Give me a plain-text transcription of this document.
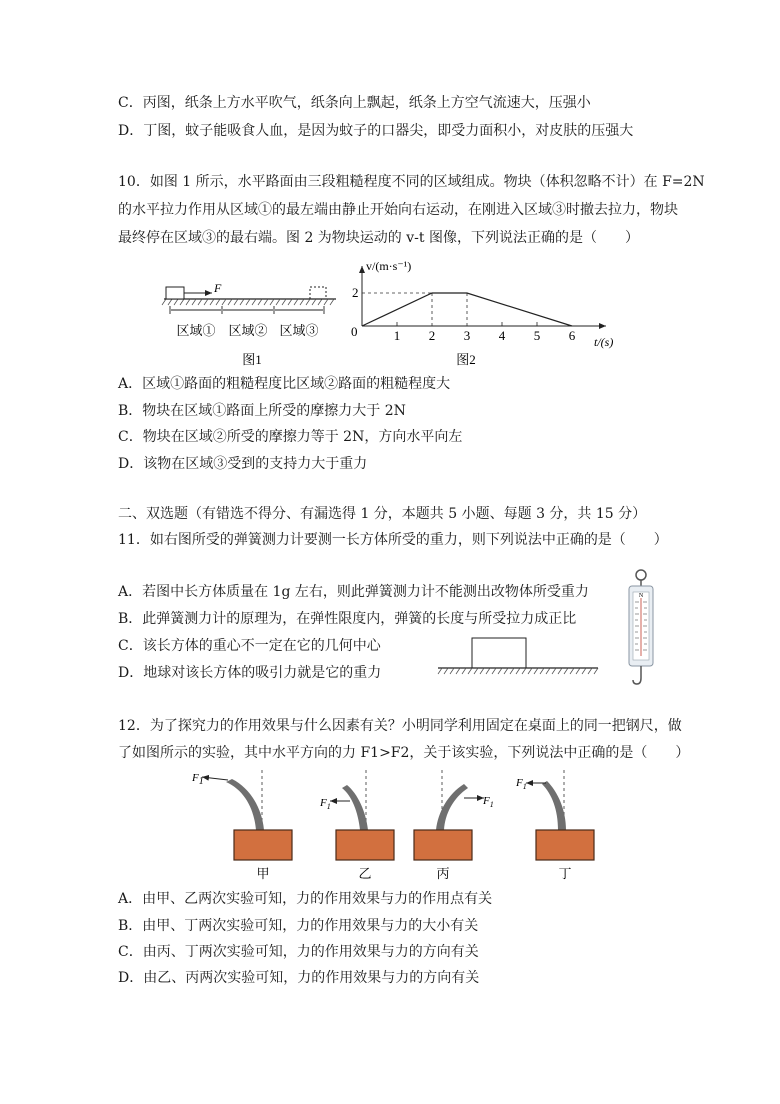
C．丙图，纸条上方水平吹气，纸条向上飘起，纸条上方空气流速大，压强小
D．丁图，蚊子能吸食人血，是因为蚊子的口器尖，即受力面积小，对皮肤的压强大
10．如图 1 所示，水平路面由三段粗糙程度不同的区域组成。物块（体积忽略不计）在 F=2N
的水平拉力作用从区域①的最左端由静止开始向右运动，在刚进入区域③时撤去拉力，物块
最终停在区域③的最右端。图 2 为物块运动的 v-t 图像，下列说法正确的是（　　）
F
区域① 区域② 区域③
图1
v/(m·s⁻¹)
2
0	1 2 3 4 5 6 t/(s)
图2
A．区域①路面的粗糙程度比区域②路面的粗糙程度大
B．物块在区域①路面上所受的摩擦力大于 2N
C．物块在区域②所受的摩擦力等于 2N，方向水平向左
D．该物在区域③受到的支持力大于重力
二、双选题（有错选不得分、有漏选得 1 分，本题共 5 小题、每题 3 分，共 15 分）
11．如右图所受的弹簧测力计要测一长方体所受的重力，则下列说法中正确的是（　　）
A．若图中长方体质量在 1g 左右，则此弹簧测力计不能测出改物体所受重力
B．此弹簧测力计的原理为，在弹性限度内，弹簧的长度与所受拉力成正比
C．该长方体的重心不一定在它的几何中心
D．地球对该长方体的吸引力就是它的重力
N
12．为了探究力的作用效果与什么因素有关？小明同学利用固定在桌面上的同一把钢尺，做
了如图所示的实验，其中水平方向的力 F1>F2，关于该实验，下列说法中正确的是（　　）
F1
甲
$F_1$
乙
$F_1$
丙
$F_1$
丁
A．由甲、乙两次实验可知，力的作用效果与力的作用点有关
B．由甲、丁两次实验可知，力的作用效果与力的大小有关
C．由丙、丁两次实验可知，力的作用效果与力的方向有关
D．由乙、丙两次实验可知，力的作用效果与力的方向有关
